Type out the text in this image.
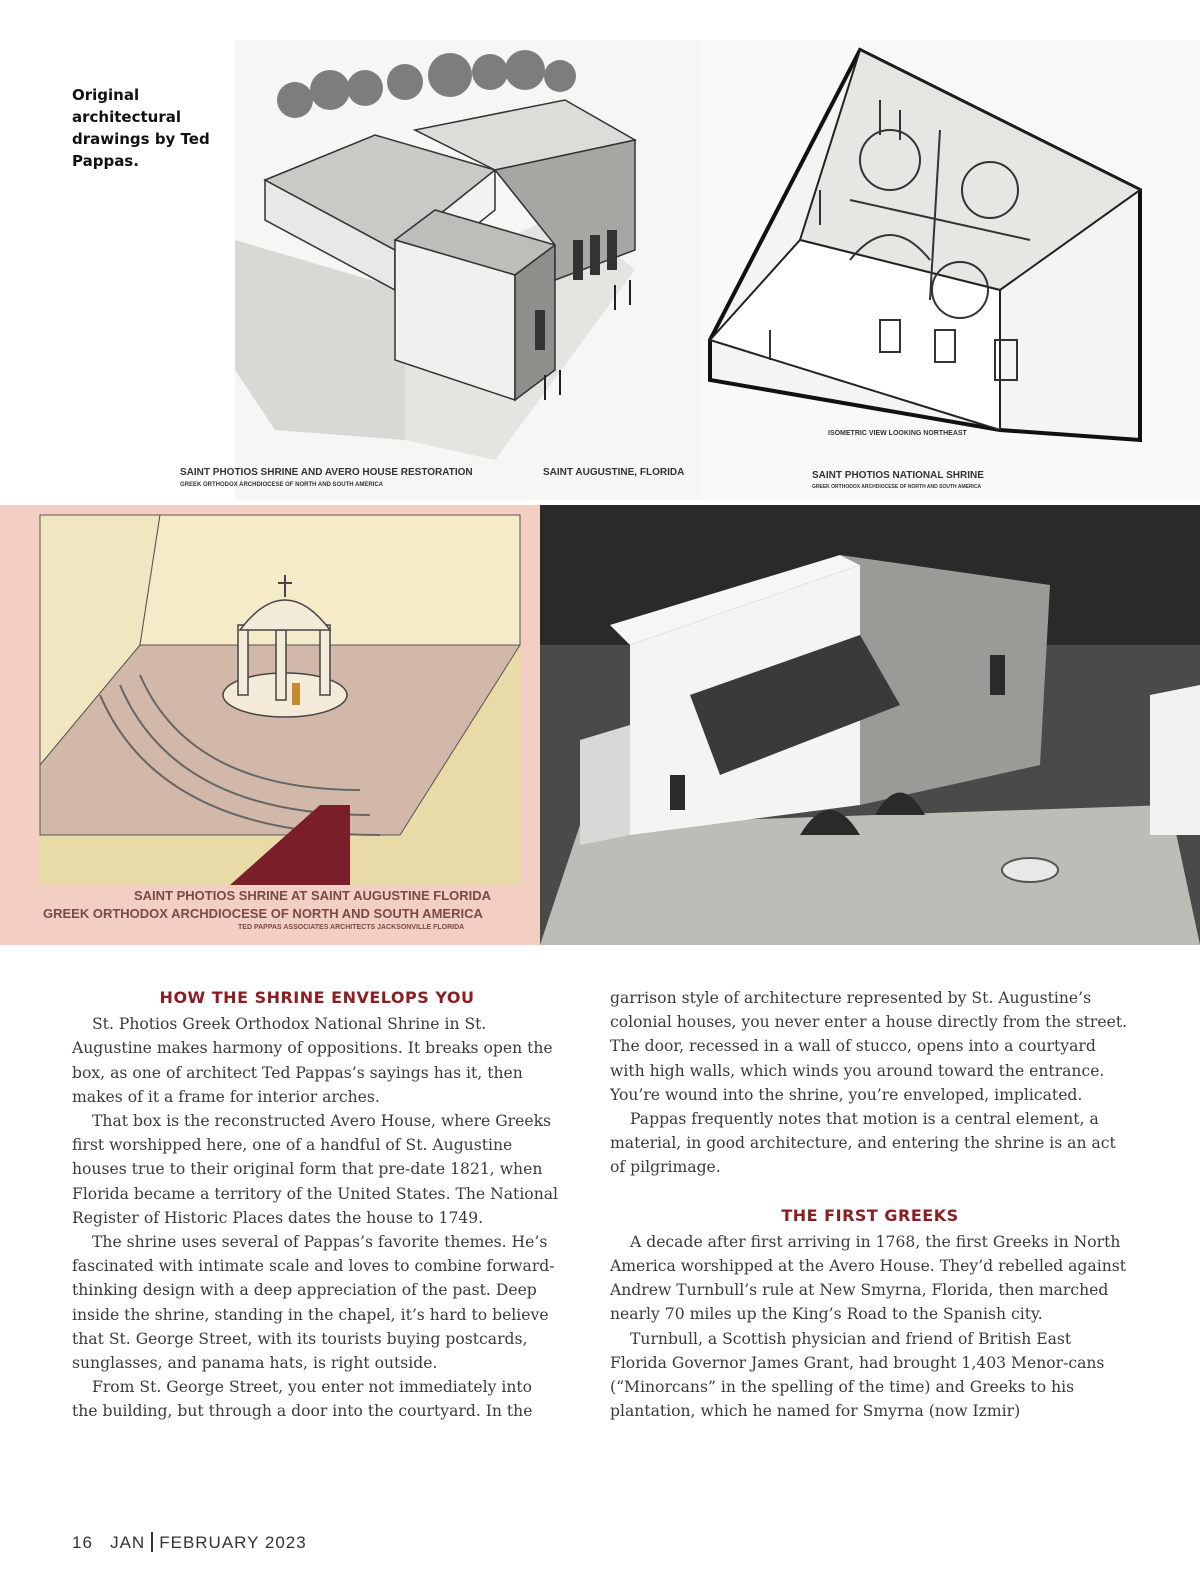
Original architectural drawings by Ted Pappas.
SAINT PHOTIOS SHRINE AND AVERO HOUSE RESTORATION	SAINT AUGUSTINE, FLORIDA
GREEK ORTHODOX ARCHDIOCESE OF NORTH AND SOUTH AMERICA
ISOMETRIC VIEW LOOKING NORTHEAST
SAINT PHOTIOS NATIONAL SHRINE
GREEK ORTHODOX ARCHDIOCESE OF NORTH AND SOUTH AMERICA
SAINT PHOTIOS SHRINE AT SAINT AUGUSTINE FLORIDA
GREEK ORTHODOX ARCHDIOCESE OF NORTH AND SOUTH AMERICA
TED PAPPAS ASSOCIATES ARCHITECTS JACKSONVILLE FLORIDA
HOW THE SHRINE ENVELOPS YOU

St. Photios Greek Orthodox National Shrine in St. Augustine makes harmony of oppositions. It breaks open the box, as one of architect Ted Pappas’s sayings has it, then makes of it a frame for interior arches.

That box is the reconstructed Avero House, where Greeks first worshipped here, one of a handful of St. Augustine houses true to their original form that pre-date 1821, when Florida became a territory of the United States. The National Register of Historic Places dates the house to 1749.

The shrine uses several of Pappas’s favorite themes. He’s fascinated with intimate scale and loves to combine forward-thinking design with a deep appreciation of the past. Deep inside the shrine, standing in the chapel, it’s hard to believe that St. George Street, with its tourists buying postcards, sunglasses, and panama hats, is right outside.

From St. George Street, you enter not immediately into the building, but through a door into the courtyard. In the

garrison style of architecture represented by St. Augustine’s colonial houses, you never enter a house directly from the street. The door, recessed in a wall of stucco, opens into a courtyard with high walls, which winds you around toward the entrance. You’re wound into the shrine, you’re enveloped, implicated.

Pappas frequently notes that motion is a central element, a material, in good architecture, and entering the shrine is an act of pilgrimage.

THE FIRST GREEKS

A decade after first arriving in 1768, the first Greeks in North America worshipped at the Avero House. They’d rebelled against Andrew Turnbull’s rule at New Smyrna, Florida, then marched nearly 70 miles up the King’s Road to the Spanish city.

Turnbull, a Scottish physician and friend of British East Florida Governor James Grant, had brought 1,403 Menor-cans (“Minorcans” in the spelling of the time) and Greeks to his plantation, which he named for Smyrna (now Izmir)

16 JAN FEBRUARY 2023
